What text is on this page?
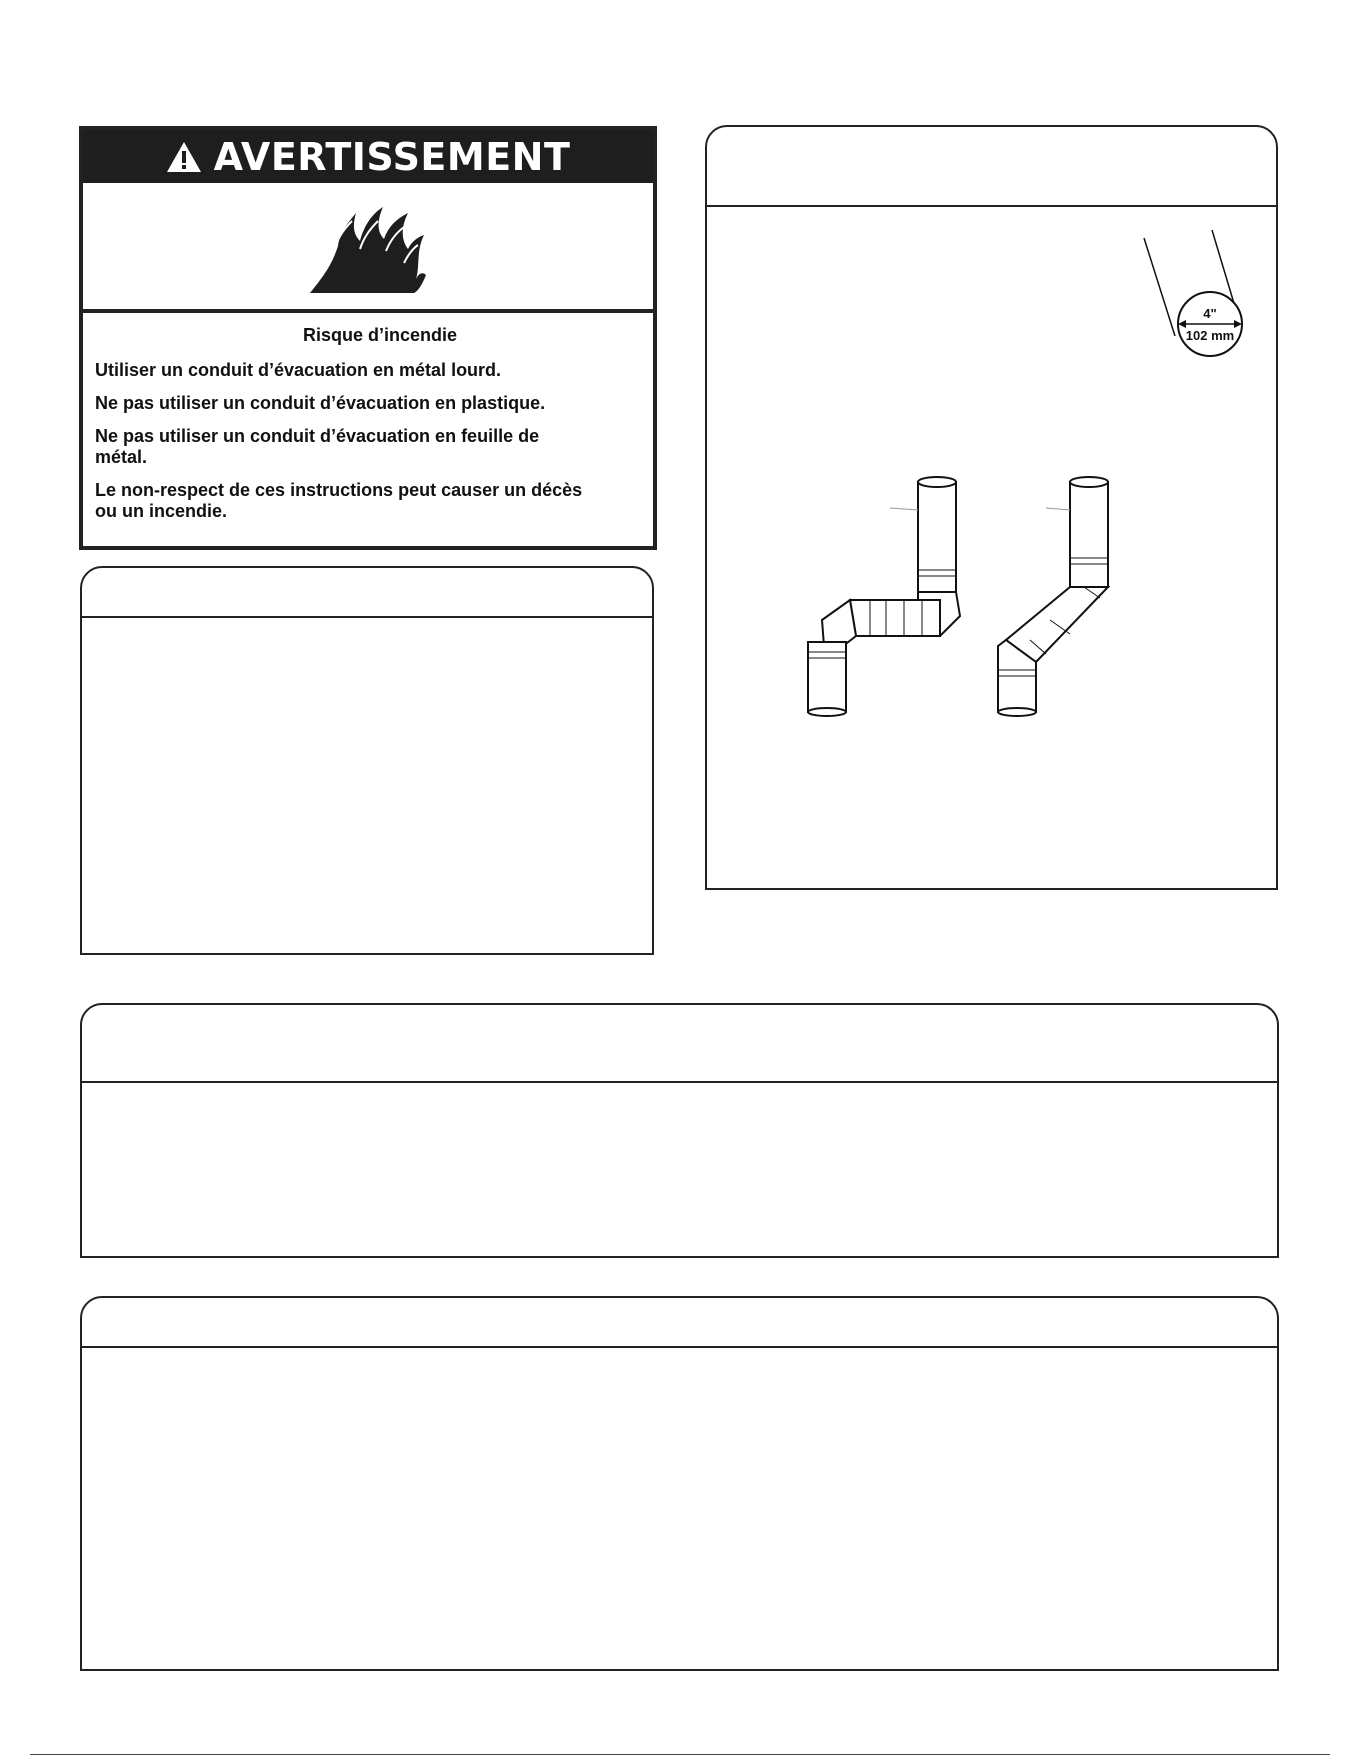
AVERTISSEMENT
Risque d’incendie

Utiliser un conduit d’évacuation en métal lourd.

Ne pas utiliser un conduit d’évacuation en plastique.

Ne pas utiliser un conduit d’évacuation en feuille de métal.

Le non-respect de ces instructions peut causer un décès ou un incendie.

4"
102 mm
